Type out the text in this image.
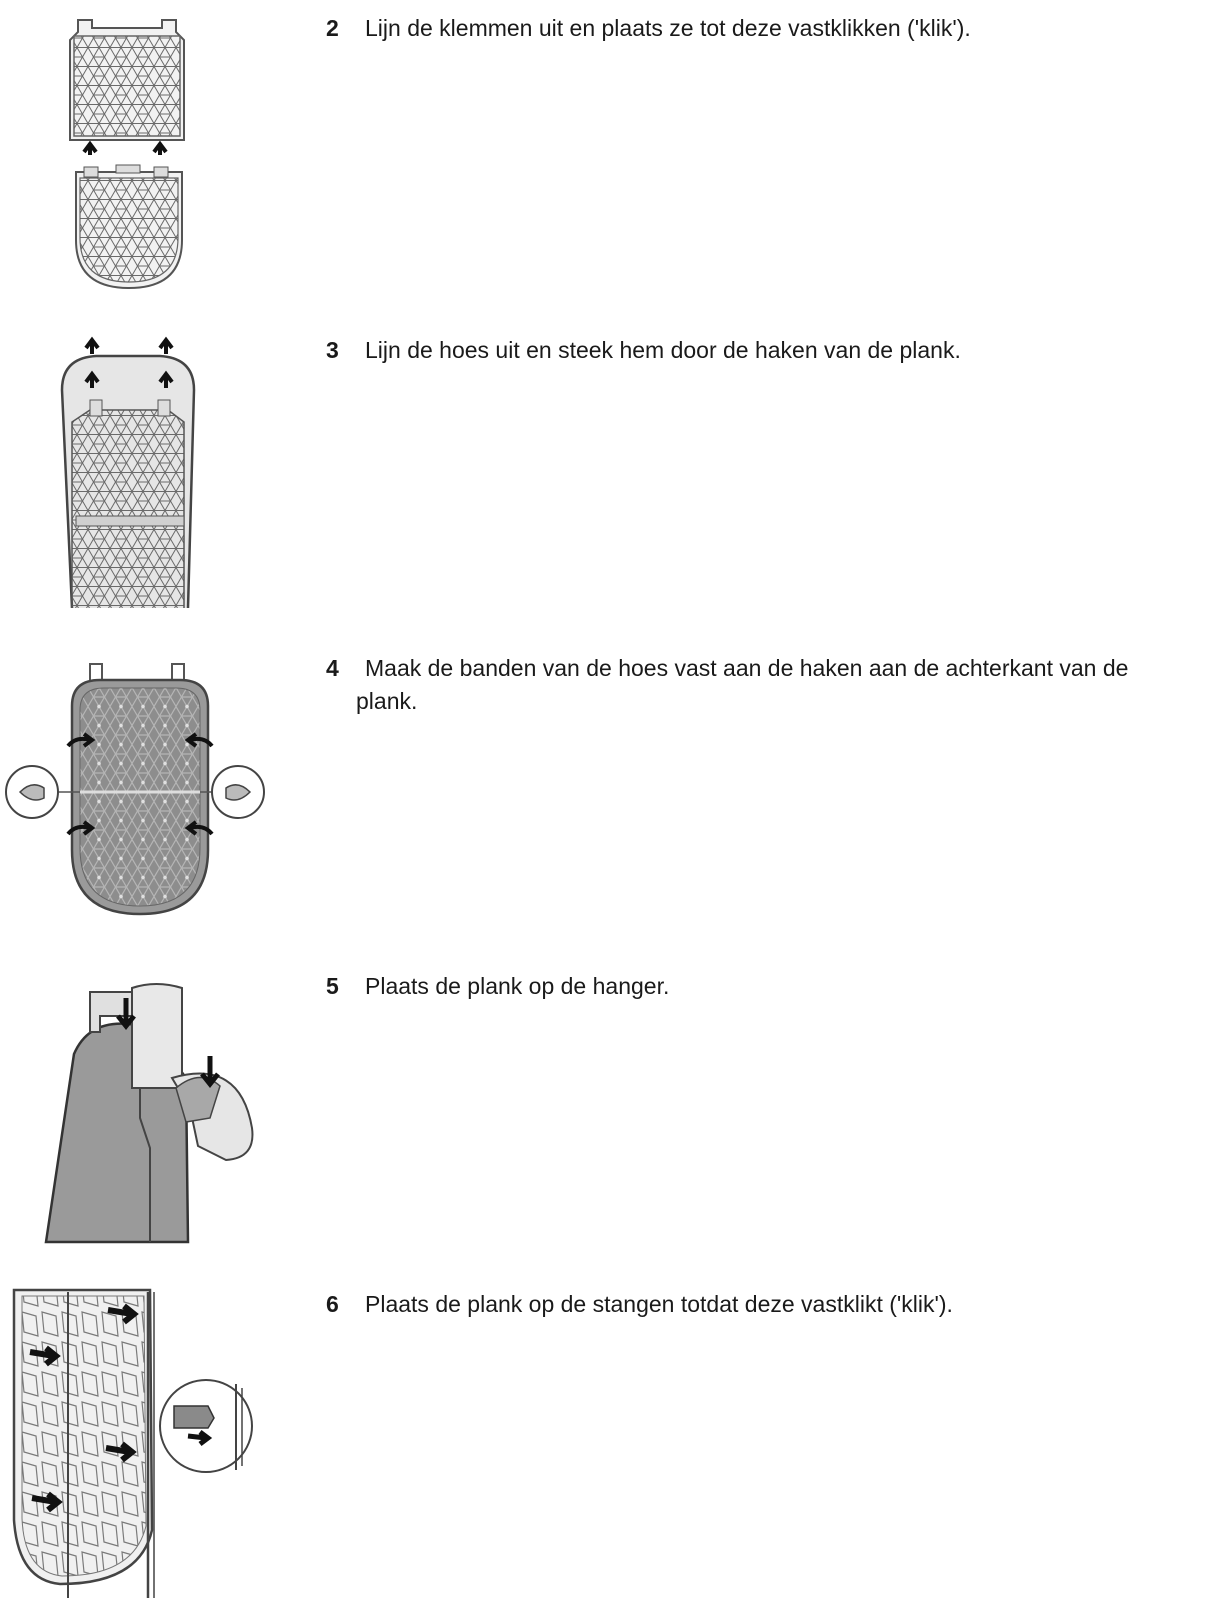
2 Lijn de klemmen uit en plaats ze tot deze vastklikken ('klik').
3 Lijn de hoes uit en steek hem door de haken van de plank.
4 Maak de banden van de hoes vast aan de haken aan de achterkant van de
plank.
5 Plaats de plank op de hanger.
6 Plaats de plank op de stangen totdat deze vastklikt ('klik').
